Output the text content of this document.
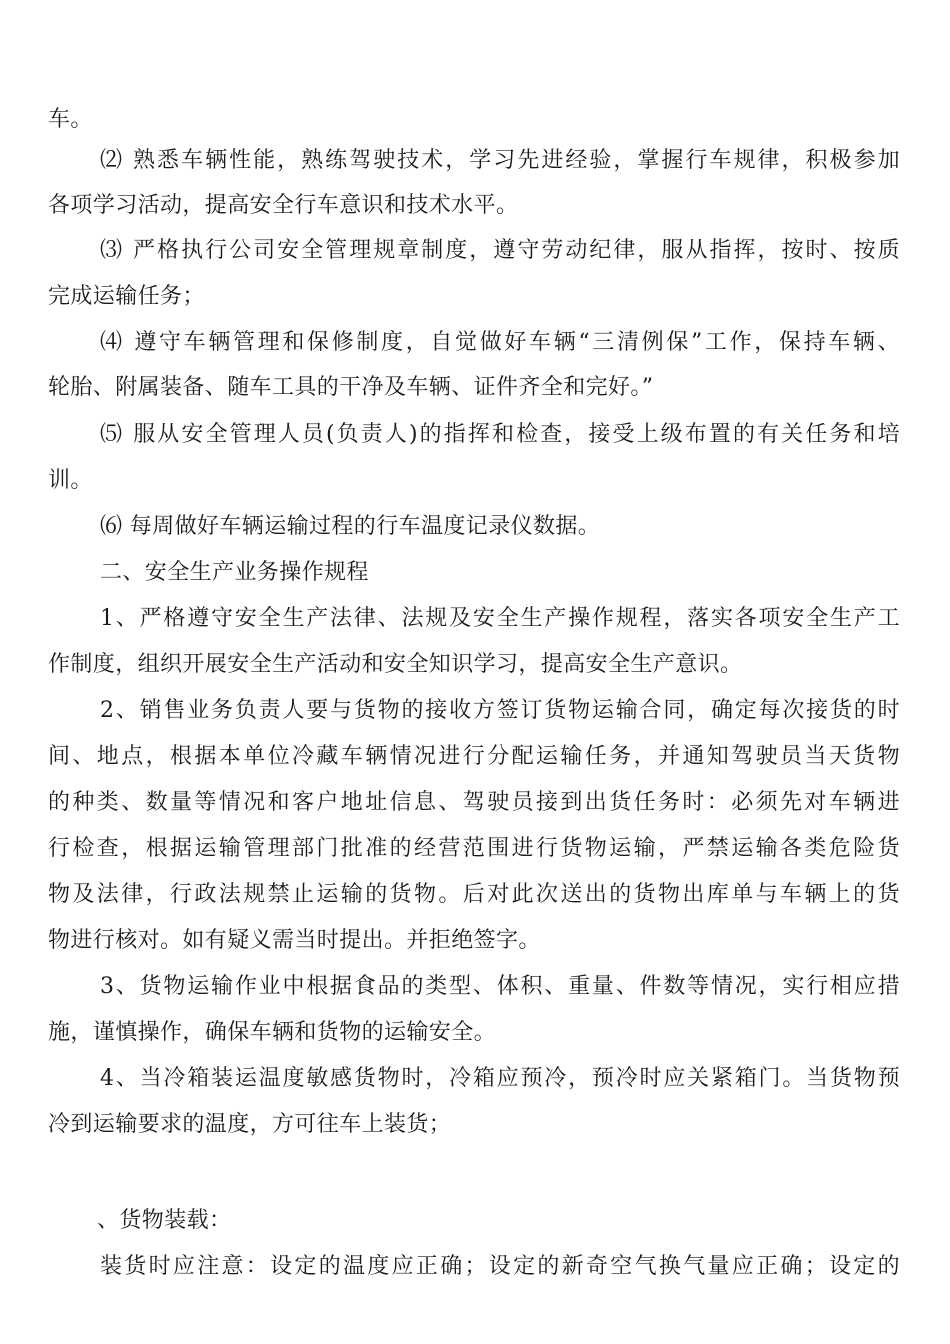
车。
⑵ 熟悉车辆性能，熟练驾驶技术，学习先进经验，掌握行车规律，积极参加
各项学习活动，提高安全行车意识和技术水平。
⑶ 严格执行公司安全管理规章制度，遵守劳动纪律，服从指挥，按时、按质
完成运输任务；
⑷ 遵守车辆管理和保修制度，自觉做好车辆“三清例保”工作，保持车辆、
轮胎、附属装备、随车工具的干净及车辆、证件齐全和完好。”
⑸ 服从安全管理人员(负责人)的指挥和检查，接受上级布置的有关任务和培
训。
⑹ 每周做好车辆运输过程的行车温度记录仪数据。
二、安全生产业务操作规程
1、严格遵守安全生产法律、法规及安全生产操作规程，落实各项安全生产工
作制度，组织开展安全生产活动和安全知识学习，提高安全生产意识。
2、销售业务负责人要与货物的接收方签订货物运输合同，确定每次接货的时
间、地点，根据本单位冷藏车辆情况进行分配运输任务，并通知驾驶员当天货物
的种类、数量等情况和客户地址信息、驾驶员接到出货任务时：必须先对车辆进
行检查，根据运输管理部门批准的经营范围进行货物运输，严禁运输各类危险货
物及法律，行政法规禁止运输的货物。后对此次送出的货物出库单与车辆上的货
物进行核对。如有疑义需当时提出。并拒绝签字。
3、货物运输作业中根据食品的类型、体积、重量、件数等情况，实行相应措
施，谨慎操作，确保车辆和货物的运输安全。
4、当冷箱装运温度敏感货物时，冷箱应预冷，预冷时应关紧箱门。当货物预
冷到运输要求的温度，方可往车上装货；
、货物装载：
装货时应注意：设定的温度应正确；设定的新奇空气换气量应正确；设定的
